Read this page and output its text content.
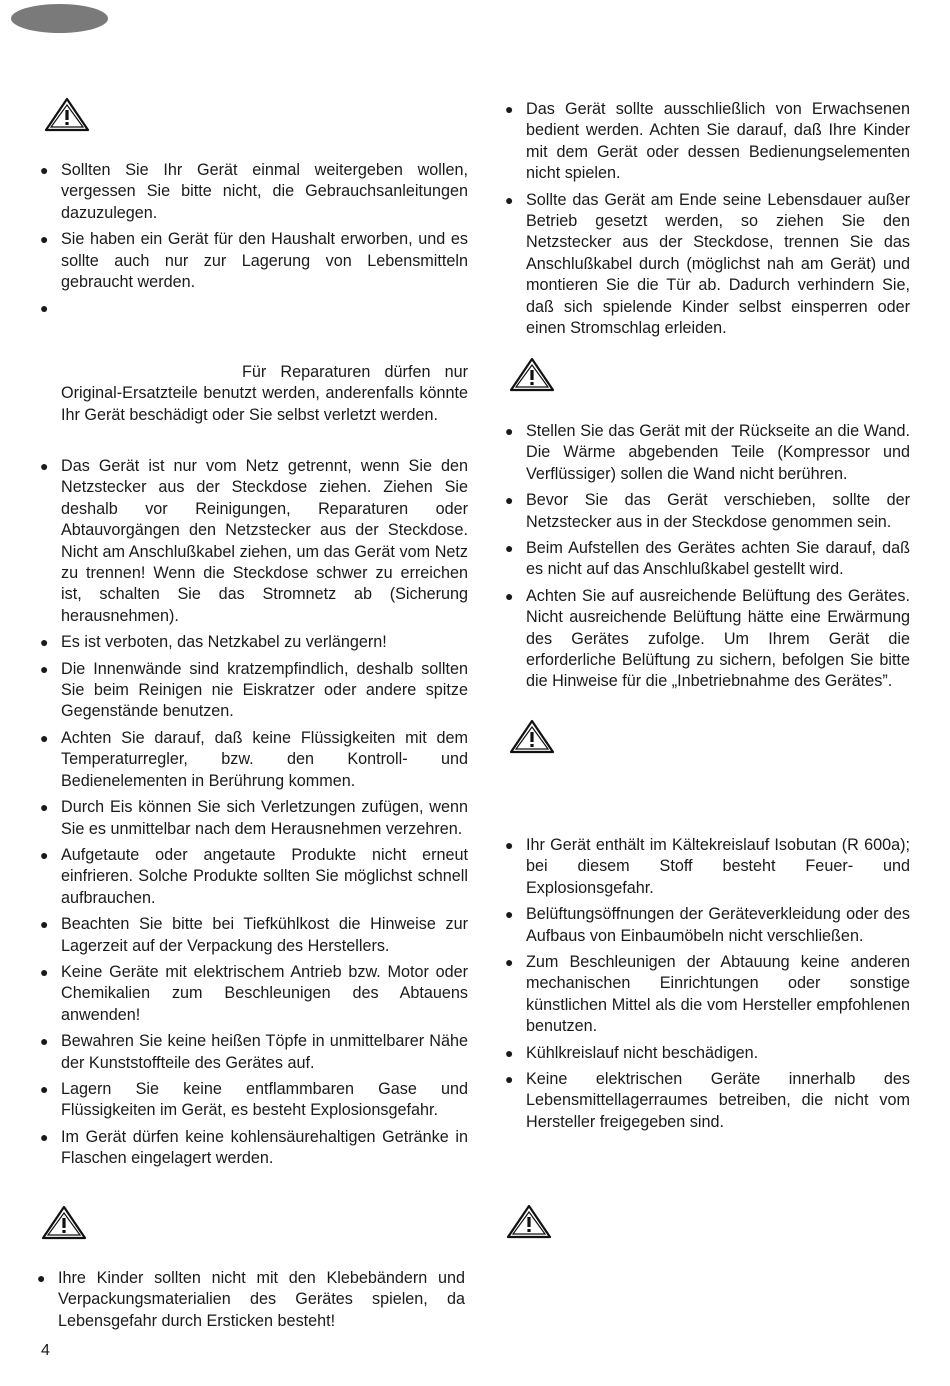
● Sollten Sie Ihr Gerät einmal weitergeben wollen, vergessen Sie bitte nicht, die Gebrauchsanleitungen dazuzulegen.
● Sie haben ein Gerät für den Haushalt erworben, und es sollte auch nur zur Lagerung von Lebensmitteln gebraucht werden.
●

Für Reparaturen dürfen nur Original-Ersatzteile benutzt werden, anderenfalls könnte Ihr Gerät beschädigt oder Sie selbst verletzt werden.

● Das Gerät ist nur vom Netz getrennt, wenn Sie den Netzstecker aus der Steckdose ziehen. Ziehen Sie deshalb vor Reinigungen, Reparaturen oder Abtauvorgängen den Netzstecker aus der Steckdose. Nicht am Anschlußkabel ziehen, um das Gerät vom Netz zu trennen! Wenn die Steckdose schwer zu erreichen ist, schalten Sie das Stromnetz ab (Sicherung herausnehmen).
● Es ist verboten, das Netzkabel zu verlängern!
● Die Innenwände sind kratzempfindlich, deshalb sollten Sie beim Reinigen nie Eiskratzer oder andere spitze Gegenstände benutzen.
● Achten Sie darauf, daß keine Flüssigkeiten mit dem Temperaturregler, bzw. den Kontroll- und Bedienelementen in Berührung kommen.
● Durch Eis können Sie sich Verletzungen zufügen, wenn Sie es unmittelbar nach dem Herausnehmen verzehren.
● Aufgetaute oder angetaute Produkte nicht erneut einfrieren. Solche Produkte sollten Sie möglichst schnell aufbrauchen.
● Beachten Sie bitte bei Tiefkühlkost die Hinweise zur Lagerzeit auf der Verpackung des Herstellers.
● Keine Geräte mit elektrischem Antrieb bzw. Motor oder Chemikalien zum Beschleunigen des Abtauens anwenden!
● Bewahren Sie keine heißen Töpfe in unmittelbarer Nähe der Kunststoffteile des Gerätes auf.
● Lagern Sie keine entflammbaren Gase und Flüssigkeiten im Gerät, es besteht Explosionsgefahr.
● Im Gerät dürfen keine kohlensäurehaltigen Getränke in Flaschen eingelagert werden.
● Ihre Kinder sollten nicht mit den Klebebändern und Verpackungsmaterialien des Gerätes spielen, da Lebensgefahr durch Ersticken besteht!
● Das Gerät sollte ausschließlich von Erwachsenen bedient werden. Achten Sie darauf, daß Ihre Kinder mit dem Gerät oder dessen Bedienungselementen nicht spielen.
● Sollte das Gerät am Ende seine Lebensdauer außer Betrieb gesetzt werden, so ziehen Sie den Netzstecker aus der Steckdose, trennen Sie das Anschlußkabel durch (möglichst nah am Gerät) und montieren Sie die Tür ab. Dadurch verhindern Sie, daß sich spielende Kinder selbst einsperren oder einen Stromschlag erleiden.
● Stellen Sie das Gerät mit der Rückseite an die Wand. Die Wärme abgebenden Teile (Kompressor und Verflüssiger) sollen die Wand nicht berühren.
● Bevor Sie das Gerät verschieben, sollte der Netzstecker aus in der Steckdose genommen sein.
● Beim Aufstellen des Gerätes achten Sie darauf, daß es nicht auf das Anschlußkabel gestellt wird.
● Achten Sie auf ausreichende Belüftung des Gerätes. Nicht ausreichende Belüftung hätte eine Erwärmung des Gerätes zufolge. Um Ihrem Gerät die erforderliche Belüftung zu sichern, befolgen Sie bitte die Hinweise für die „Inbetriebnahme des Gerätes”.
● Ihr Gerät enthält im Kältekreislauf Isobutan (R 600a); bei diesem Stoff besteht Feuer- und Explosionsgefahr.
● Belüftungsöffnungen der Geräteverkleidung oder des Aufbaus von Einbaumöbeln nicht verschließen.
● Zum Beschleunigen der Abtauung keine anderen mechanischen Einrichtungen oder sonstige künstlichen Mittel als die vom Hersteller empfohlenen benutzen.
● Kühlkreislauf nicht beschädigen.
● Keine elektrischen Geräte innerhalb des Lebensmittellagerraumes betreiben, die nicht vom Hersteller freigegeben sind.
4
